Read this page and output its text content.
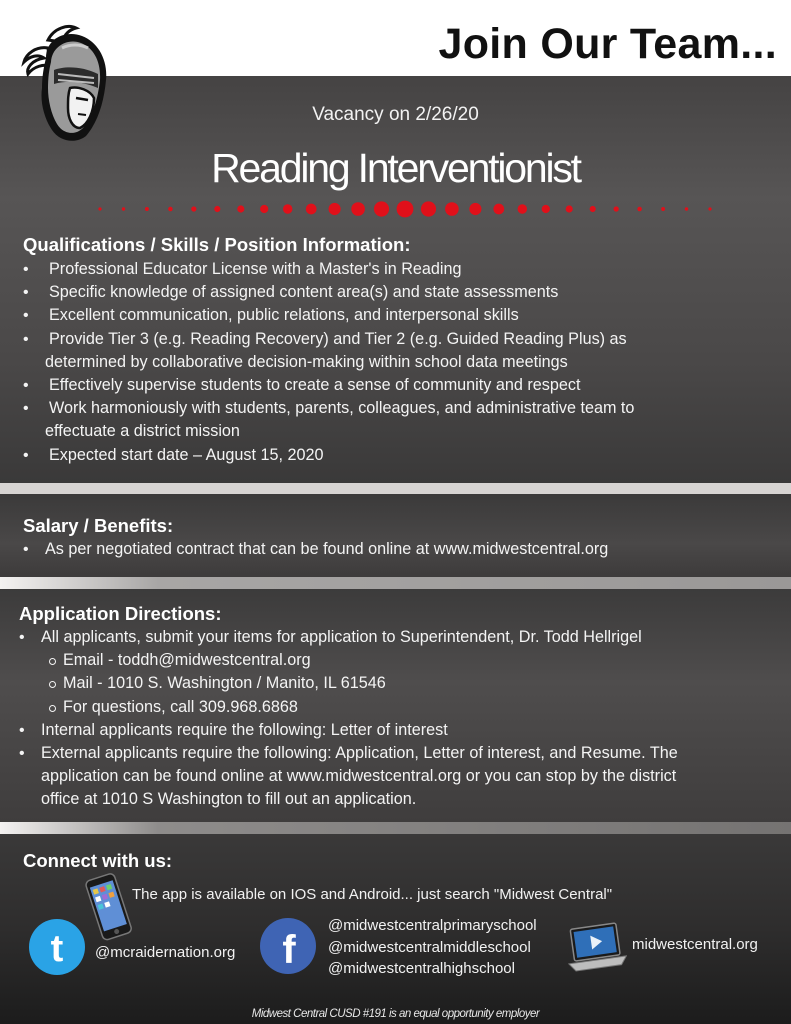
Join Our Team...
Vacancy on 2/26/20
Reading Interventionist
Qualifications / Skills / Position Information:
• Professional Educator License with a Master's in Reading
• Specific knowledge of assigned content area(s) and state assessments
• Excellent communication, public relations, and interpersonal skills
• Provide Tier 3 (e.g. Reading Recovery) and Tier 2 (e.g. Guided Reading Plus) as
determined by collaborative decision-making within school data meetings
• Effectively supervise students to create a sense of community and respect
• Work harmoniously with students, parents, colleagues, and administrative team to
effectuate a district mission
• Expected start date – August 15, 2020
Salary / Benefits:
• As per negotiated contract that can be found online at www.midwestcentral.org
Application Directions:
• All applicants, submit your items for application to Superintendent, Dr. Todd Hellrigel
Email - toddh@midwestcentral.org
Mail - 1010 S. Washington / Manito, IL 61546
For questions, call 309.968.6868
• Internal applicants require the following: Letter of interest
• External applicants require the following: Application, Letter of interest, and Resume. The
application can be found online at www.midwestcentral.org or you can stop by the district
office at 1010 S Washington to fill out an application.
Connect with us:
The app is available on IOS and Android... just search "Midwest Central"
t @mcraidernation.org f
@midwestcentralprimaryschool
@midwestcentralmiddleschool
@midwestcentralhighschool
midwestcentral.org
Midwest Central CUSD #191 is an equal opportunity employer
